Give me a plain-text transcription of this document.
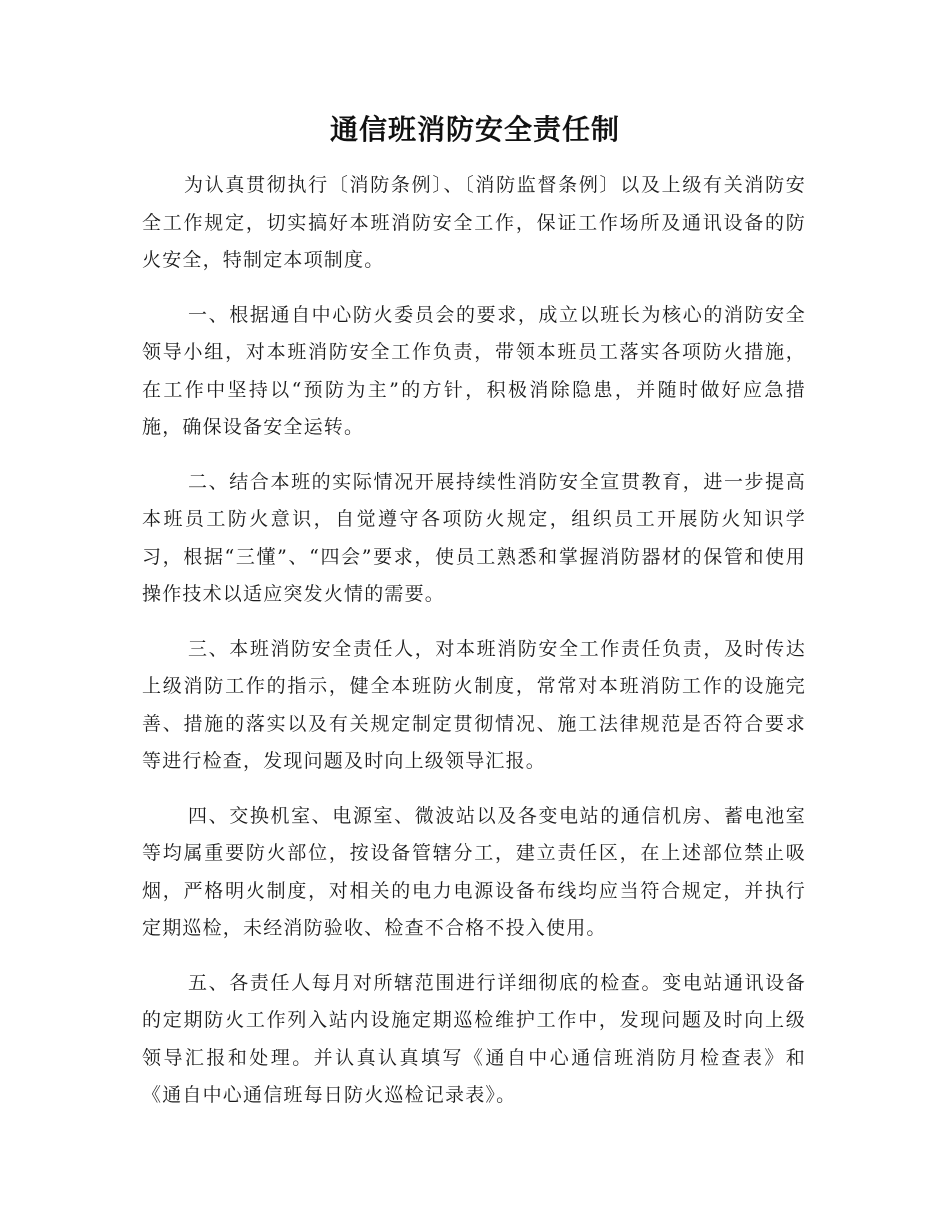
通信班消防安全责任制

为认真贯彻执行〔消防条例〕、〔消防监督条例〕以及上级有关消防安全工作规定，切实搞好本班消防安全工作，保证工作场所及通讯设备的防火安全，特制定本项制度。

一、根据通自中心防火委员会的要求，成立以班长为核心的消防安全领导小组，对本班消防安全工作负责，带领本班员工落实各项防火措施，在工作中坚持以“预防为主”的方针，积极消除隐患，并随时做好应急措施，确保设备安全运转。

二、结合本班的实际情况开展持续性消防安全宣贯教育，进一步提高本班员工防火意识，自觉遵守各项防火规定，组织员工开展防火知识学习，根据“三懂”、“四会”要求，使员工熟悉和掌握消防器材的保管和使用操作技术以适应突发火情的需要。

三、本班消防安全责任人，对本班消防安全工作责任负责，及时传达上级消防工作的指示，健全本班防火制度，常常对本班消防工作的设施完善、措施的落实以及有关规定制定贯彻情况、施工法律规范是否符合要求等进行检查，发现问题及时向上级领导汇报。

四、交换机室、电源室、微波站以及各变电站的通信机房、蓄电池室等均属重要防火部位，按设备管辖分工，建立责任区，在上述部位禁止吸烟，严格明火制度，对相关的电力电源设备布线均应当符合规定，并执行定期巡检，未经消防验收、检查不合格不投入使用。

五、各责任人每月对所辖范围进行详细彻底的检查。变电站通讯设备的定期防火工作列入站内设施定期巡检维护工作中，发现问题及时向上级领导汇报和处理。并认真认真填写《通自中心通信班消防月检查表》和《通自中心通信班每日防火巡检记录表》。
